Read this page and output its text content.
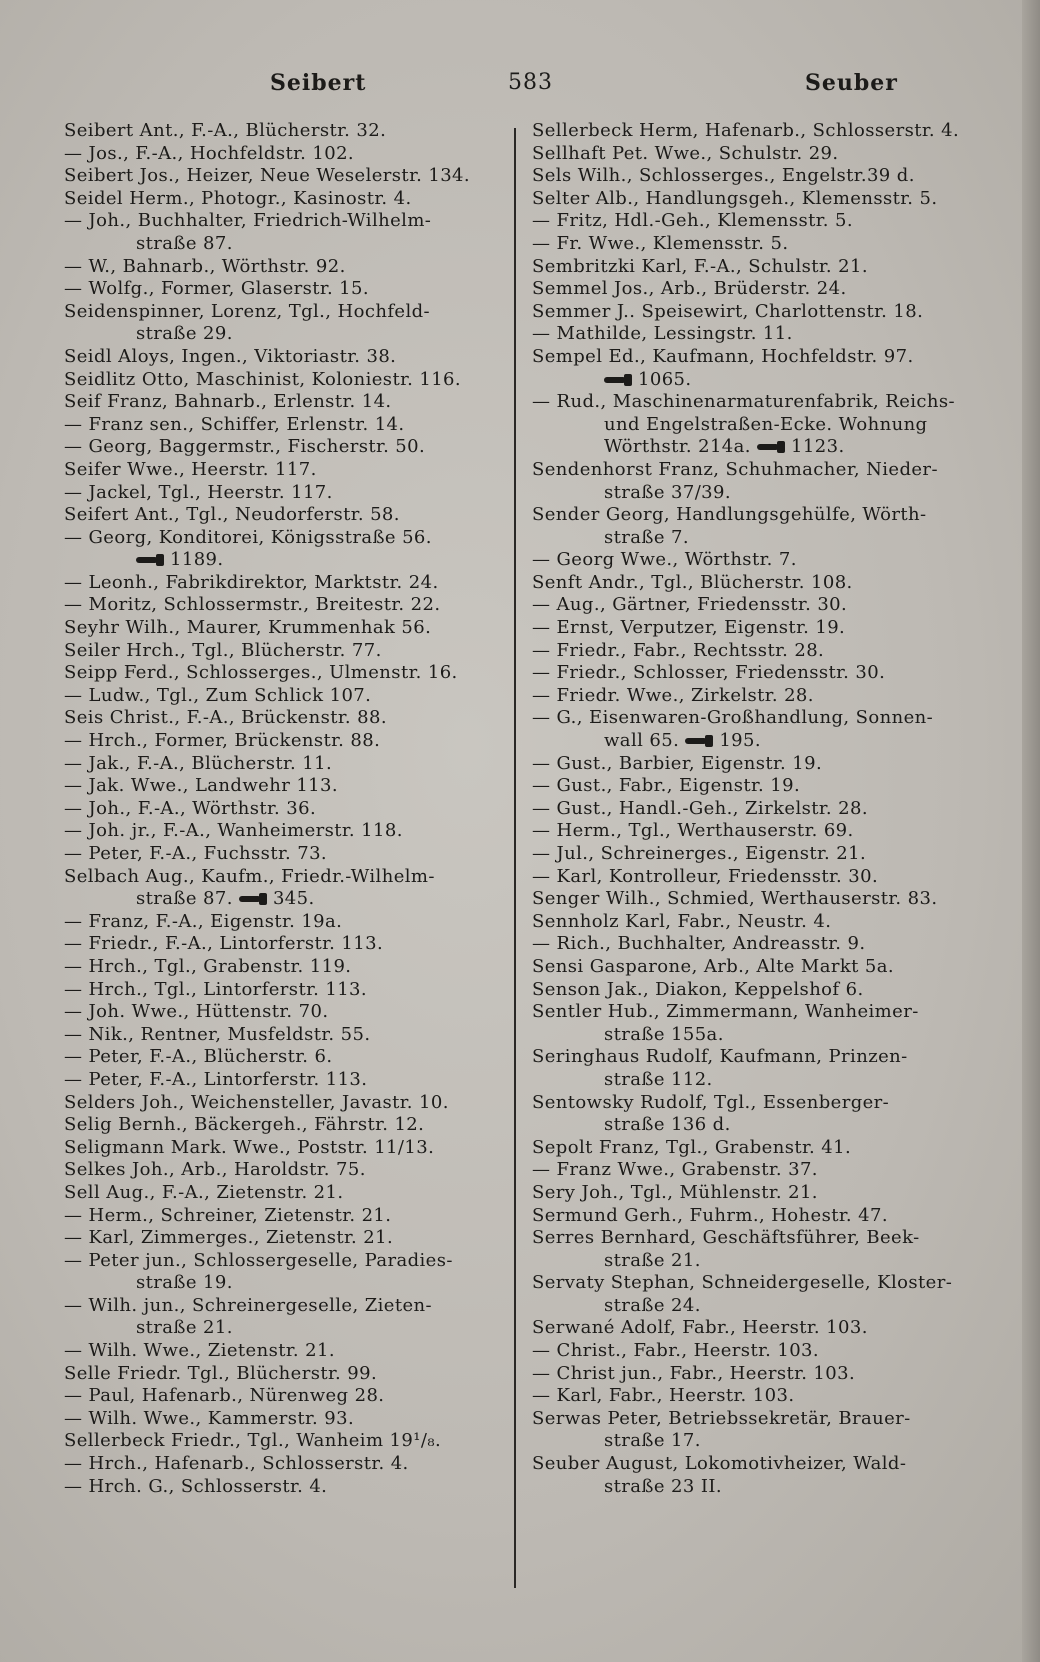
Seibert	583	Seuber
Seibert Ant., F.-A., Blücherstr. 32.
— Jos., F.-A., Hochfeldstr. 102.
Seibert Jos., Heizer, Neue Weselerstr. 134.
Seidel Herm., Photogr., Kasinostr. 4.
— Joh., Buchhalter, Friedrich-Wilhelm-
straße 87.
— W., Bahnarb., Wörthstr. 92.
— Wolfg., Former, Glaserstr. 15.
Seidenspinner, Lorenz, Tgl., Hochfeld-
straße 29.
Seidl Aloys, Ingen., Viktoriastr. 38.
Seidlitz Otto, Maschinist, Koloniestr. 116.
Seif Franz, Bahnarb., Erlenstr. 14.
— Franz sen., Schiffer, Erlenstr. 14.
— Georg, Baggermstr., Fischerstr. 50.
Seifer Wwe., Heerstr. 117.
— Jackel, Tgl., Heerstr. 117.
Seifert Ant., Tgl., Neudorferstr. 58.
— Georg, Konditorei, Königsstraße 56.
1189.
— Leonh., Fabrikdirektor, Marktstr. 24.
— Moritz, Schlossermstr., Breitestr. 22.
Seyhr Wilh., Maurer, Krummenhak 56.
Seiler Hrch., Tgl., Blücherstr. 77.
Seipp Ferd., Schlosserges., Ulmenstr. 16.
— Ludw., Tgl., Zum Schlick 107.
Seis Christ., F.-A., Brückenstr. 88.
— Hrch., Former, Brückenstr. 88.
— Jak., F.-A., Blücherstr. 11.
— Jak. Wwe., Landwehr 113.
— Joh., F.-A., Wörthstr. 36.
— Joh. jr., F.-A., Wanheimerstr. 118.
— Peter, F.-A., Fuchsstr. 73.
Selbach Aug., Kaufm., Friedr.-Wilhelm-
straße 87. 345.
— Franz, F.-A., Eigenstr. 19a.
— Friedr., F.-A., Lintorferstr. 113.
— Hrch., Tgl., Grabenstr. 119.
— Hrch., Tgl., Lintorferstr. 113.
— Joh. Wwe., Hüttenstr. 70.
— Nik., Rentner, Musfeldstr. 55.
— Peter, F.-A., Blücherstr. 6.
— Peter, F.-A., Lintorferstr. 113.
Selders Joh., Weichensteller, Javastr. 10.
Selig Bernh., Bäckergeh., Fährstr. 12.
Seligmann Mark. Wwe., Poststr. 11/13.
Selkes Joh., Arb., Haroldstr. 75.
Sell Aug., F.-A., Zietenstr. 21.
— Herm., Schreiner, Zietenstr. 21.
— Karl, Zimmerges., Zietenstr. 21.
— Peter jun., Schlossergeselle, Paradies-
straße 19.
— Wilh. jun., Schreinergeselle, Zieten-
straße 21.
— Wilh. Wwe., Zietenstr. 21.
Selle Friedr. Tgl., Blücherstr. 99.
— Paul, Hafenarb., Nürenweg 28.
— Wilh. Wwe., Kammerstr. 93.
Sellerbeck Friedr., Tgl., Wanheim 19¹/₈.
— Hrch., Hafenarb., Schlosserstr. 4.
— Hrch. G., Schlosserstr. 4.
Sellerbeck Herm, Hafenarb., Schlosserstr. 4.
Sellhaft Pet. Wwe., Schulstr. 29.
Sels Wilh., Schlosserges., Engelstr.39 d.
Selter Alb., Handlungsgeh., Klemensstr. 5.
— Fritz, Hdl.-Geh., Klemensstr. 5.
— Fr. Wwe., Klemensstr. 5.
Sembritzki Karl, F.-A., Schulstr. 21.
Semmel Jos., Arb., Brüderstr. 24.
Semmer J.. Speisewirt, Charlottenstr. 18.
— Mathilde, Lessingstr. 11.
Sempel Ed., Kaufmann, Hochfeldstr. 97.
1065.
— Rud., Maschinenarmaturenfabrik, Reichs-
und Engelstraßen-Ecke. Wohnung
Wörthstr. 214a. 1123.
Sendenhorst Franz, Schuhmacher, Nieder-
straße 37/39.
Sender Georg, Handlungsgehülfe, Wörth-
straße 7.
— Georg Wwe., Wörthstr. 7.
Senft Andr., Tgl., Blücherstr. 108.
— Aug., Gärtner, Friedensstr. 30.
— Ernst, Verputzer, Eigenstr. 19.
— Friedr., Fabr., Rechtsstr. 28.
— Friedr., Schlosser, Friedensstr. 30.
— Friedr. Wwe., Zirkelstr. 28.
— G., Eisenwaren-Großhandlung, Sonnen-
wall 65. 195.
— Gust., Barbier, Eigenstr. 19.
— Gust., Fabr., Eigenstr. 19.
— Gust., Handl.-Geh., Zirkelstr. 28.
— Herm., Tgl., Werthauserstr. 69.
— Jul., Schreinerges., Eigenstr. 21.
— Karl, Kontrolleur, Friedensstr. 30.
Senger Wilh., Schmied, Werthauserstr. 83.
Sennholz Karl, Fabr., Neustr. 4.
— Rich., Buchhalter, Andreasstr. 9.
Sensi Gasparone, Arb., Alte Markt 5a.
Senson Jak., Diakon, Keppelshof 6.
Sentler Hub., Zimmermann, Wanheimer-
straße 155a.
Seringhaus Rudolf, Kaufmann, Prinzen-
straße 112.
Sentowsky Rudolf, Tgl., Essenberger-
straße 136 d.
Sepolt Franz, Tgl., Grabenstr. 41.
— Franz Wwe., Grabenstr. 37.
Sery Joh., Tgl., Mühlenstr. 21.
Sermund Gerh., Fuhrm., Hohestr. 47.
Serres Bernhard, Geschäftsführer, Beek-
straße 21.
Servaty Stephan, Schneidergeselle, Kloster-
straße 24.
Serwané Adolf, Fabr., Heerstr. 103.
— Christ., Fabr., Heerstr. 103.
— Christ jun., Fabr., Heerstr. 103.
— Karl, Fabr., Heerstr. 103.
Serwas Peter, Betriebssekretär, Brauer-
straße 17.
Seuber August, Lokomotivheizer, Wald-
straße 23 II.
